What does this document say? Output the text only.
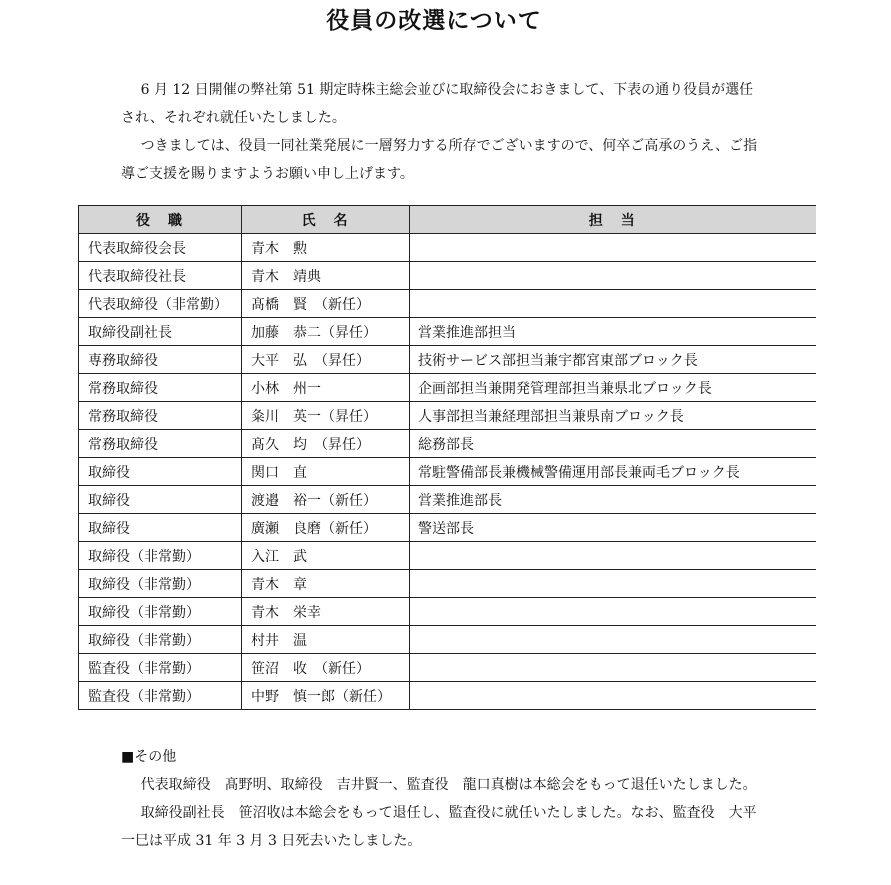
役員の改選について

6 月 12 日開催の弊社第 51 期定時株主総会並びに取締役会におきまして、下表の通り役員が選任され、それぞれ就任いたしました。

つきましては、役員一同社業発展に一層努力する所存でございますので、何卒ご高承のうえ、ご指導ご支援を賜りますようお願い申し上げます。

役　職	氏　名	担　当
代表取締役会長	青木　勲	
代表取締役社長	青木　靖典	
代表取締役（非常勤）	髙橋　賢　（新任）	
取締役副社長	加藤　恭二（昇任）	営業推進部担当
専務取締役	大平　弘　（昇任）	技術サービス部担当兼宇都宮東部ブロック長
常務取締役	小林　州一	企画部担当兼開発管理部担当兼県北ブロック長
常務取締役	粂川　英一（昇任）	人事部担当兼経理部担当兼県南ブロック長
常務取締役	髙久　均　（昇任）	総務部長
取締役	関口　直	常駐警備部長兼機械警備運用部長兼両毛ブロック長
取締役	渡邉　裕一（新任）	営業推進部長
取締役	廣瀬　良磨（新任）	警送部長
取締役（非常勤）	入江　武	
取締役（非常勤）	青木　章	
取締役（非常勤）	青木　栄幸	
取締役（非常勤）	村井　温	
監査役（非常勤）	笹沼　收　（新任）	
監査役（非常勤）	中野　慎一郎（新任）	
■その他

代表取締役　髙野明、取締役　吉井賢一、監査役　龍口真樹は本総会をもって退任いたしました。

取締役副社長　笹沼收は本総会をもって退任し、監査役に就任いたしました。なお、監査役　大平一巳は平成 31 年 3 月 3 日死去いたしました。
